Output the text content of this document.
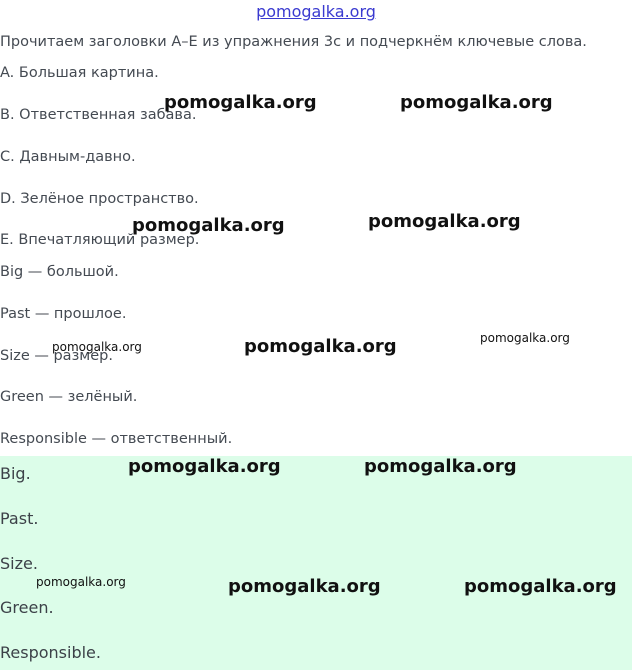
pomogalka.org
Прочитаем заголовки A–E из упражнения 3c и подчеркнём ключевые слова.
A. Большая картина.
B. Ответственная забава.
C. Давным-давно.
D. Зелёное пространство.
E. Впечатляющий размер.
Big — большой.
Past — прошлое.
Size — размер.
Green — зелёный.
Responsible — ответственный.
Big.
Past.
Size.
Green.
Responsible.
pomogalka.org	pomogalka.org
pomogalka.org	pomogalka.org
pomogalka.org	pomogalka.org	pomogalka.org
pomogalka.org	pomogalka.org
pomogalka.org	pomogalka.org	pomogalka.org
